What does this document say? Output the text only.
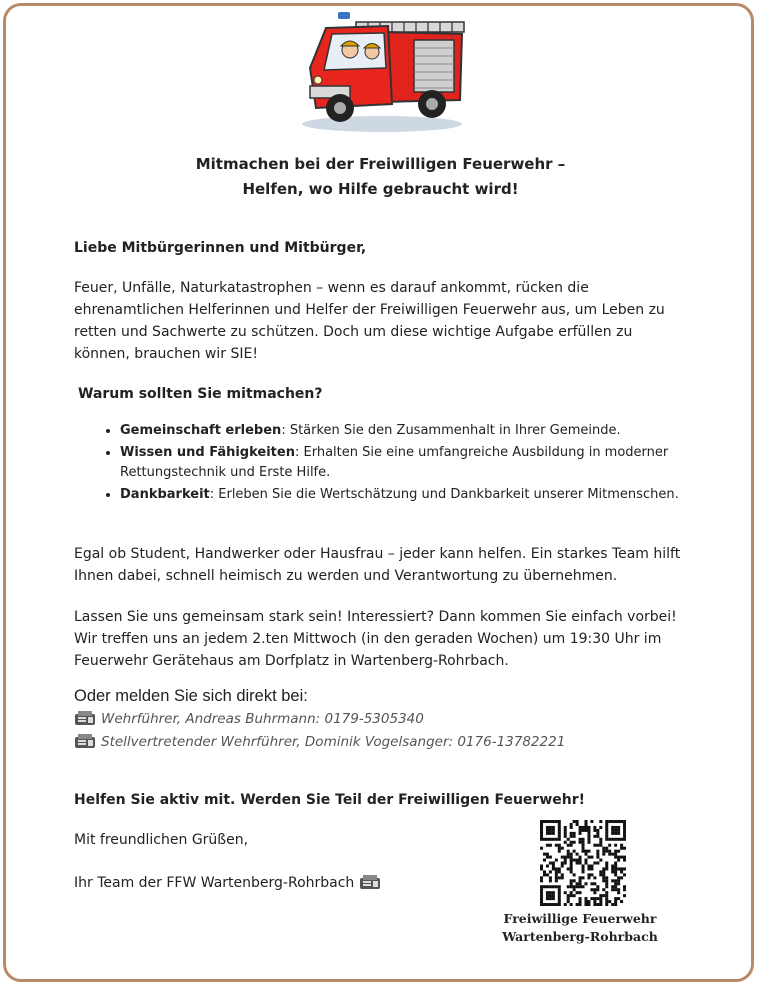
Mitmachen bei der Freiwilligen Feuerwehr –
Helfen, wo Hilfe gebraucht wird!
Liebe Mitbürgerinnen und Mitbürger,
Feuer, Unfälle, Naturkatastrophen – wenn es darauf ankommt, rücken die ehrenamtlichen Helferinnen und Helfer der Freiwilligen Feuerwehr aus, um Leben zu retten und Sachwerte zu schützen. Doch um diese wichtige Aufgabe erfüllen zu können, brauchen wir SIE!
Warum sollten Sie mitmachen?
• Gemeinschaft erleben: Stärken Sie den Zusammenhalt in Ihrer Gemeinde.
• Wissen und Fähigkeiten: Erhalten Sie eine umfangreiche Ausbildung in moderner Rettungstechnik und Erste Hilfe.
• Dankbarkeit: Erleben Sie die Wertschätzung und Dankbarkeit unserer Mitmenschen.
Egal ob Student, Handwerker oder Hausfrau – jeder kann helfen. Ein starkes Team hilft Ihnen dabei, schnell heimisch zu werden und Verantwortung zu übernehmen.
Lassen Sie uns gemeinsam stark sein! Interessiert? Dann kommen Sie einfach vorbei! Wir treffen uns an jedem 2.ten Mittwoch (in den geraden Wochen) um 19:30 Uhr im Feuerwehr Gerätehaus am Dorfplatz in Wartenberg-Rohrbach.
Oder melden Sie sich direkt bei:
Wehrführer, Andreas Buhrmann: 0179-5305340
Stellvertretender Wehrführer, Dominik Vogelsanger: 0176-13782221
Helfen Sie aktiv mit. Werden Sie Teil der Freiwilligen Feuerwehr!
Mit freundlichen Grüßen,
Ihr Team der FFW Wartenberg-Rohrbach
Freiwillige Feuerwehr
Wartenberg-Rohrbach
